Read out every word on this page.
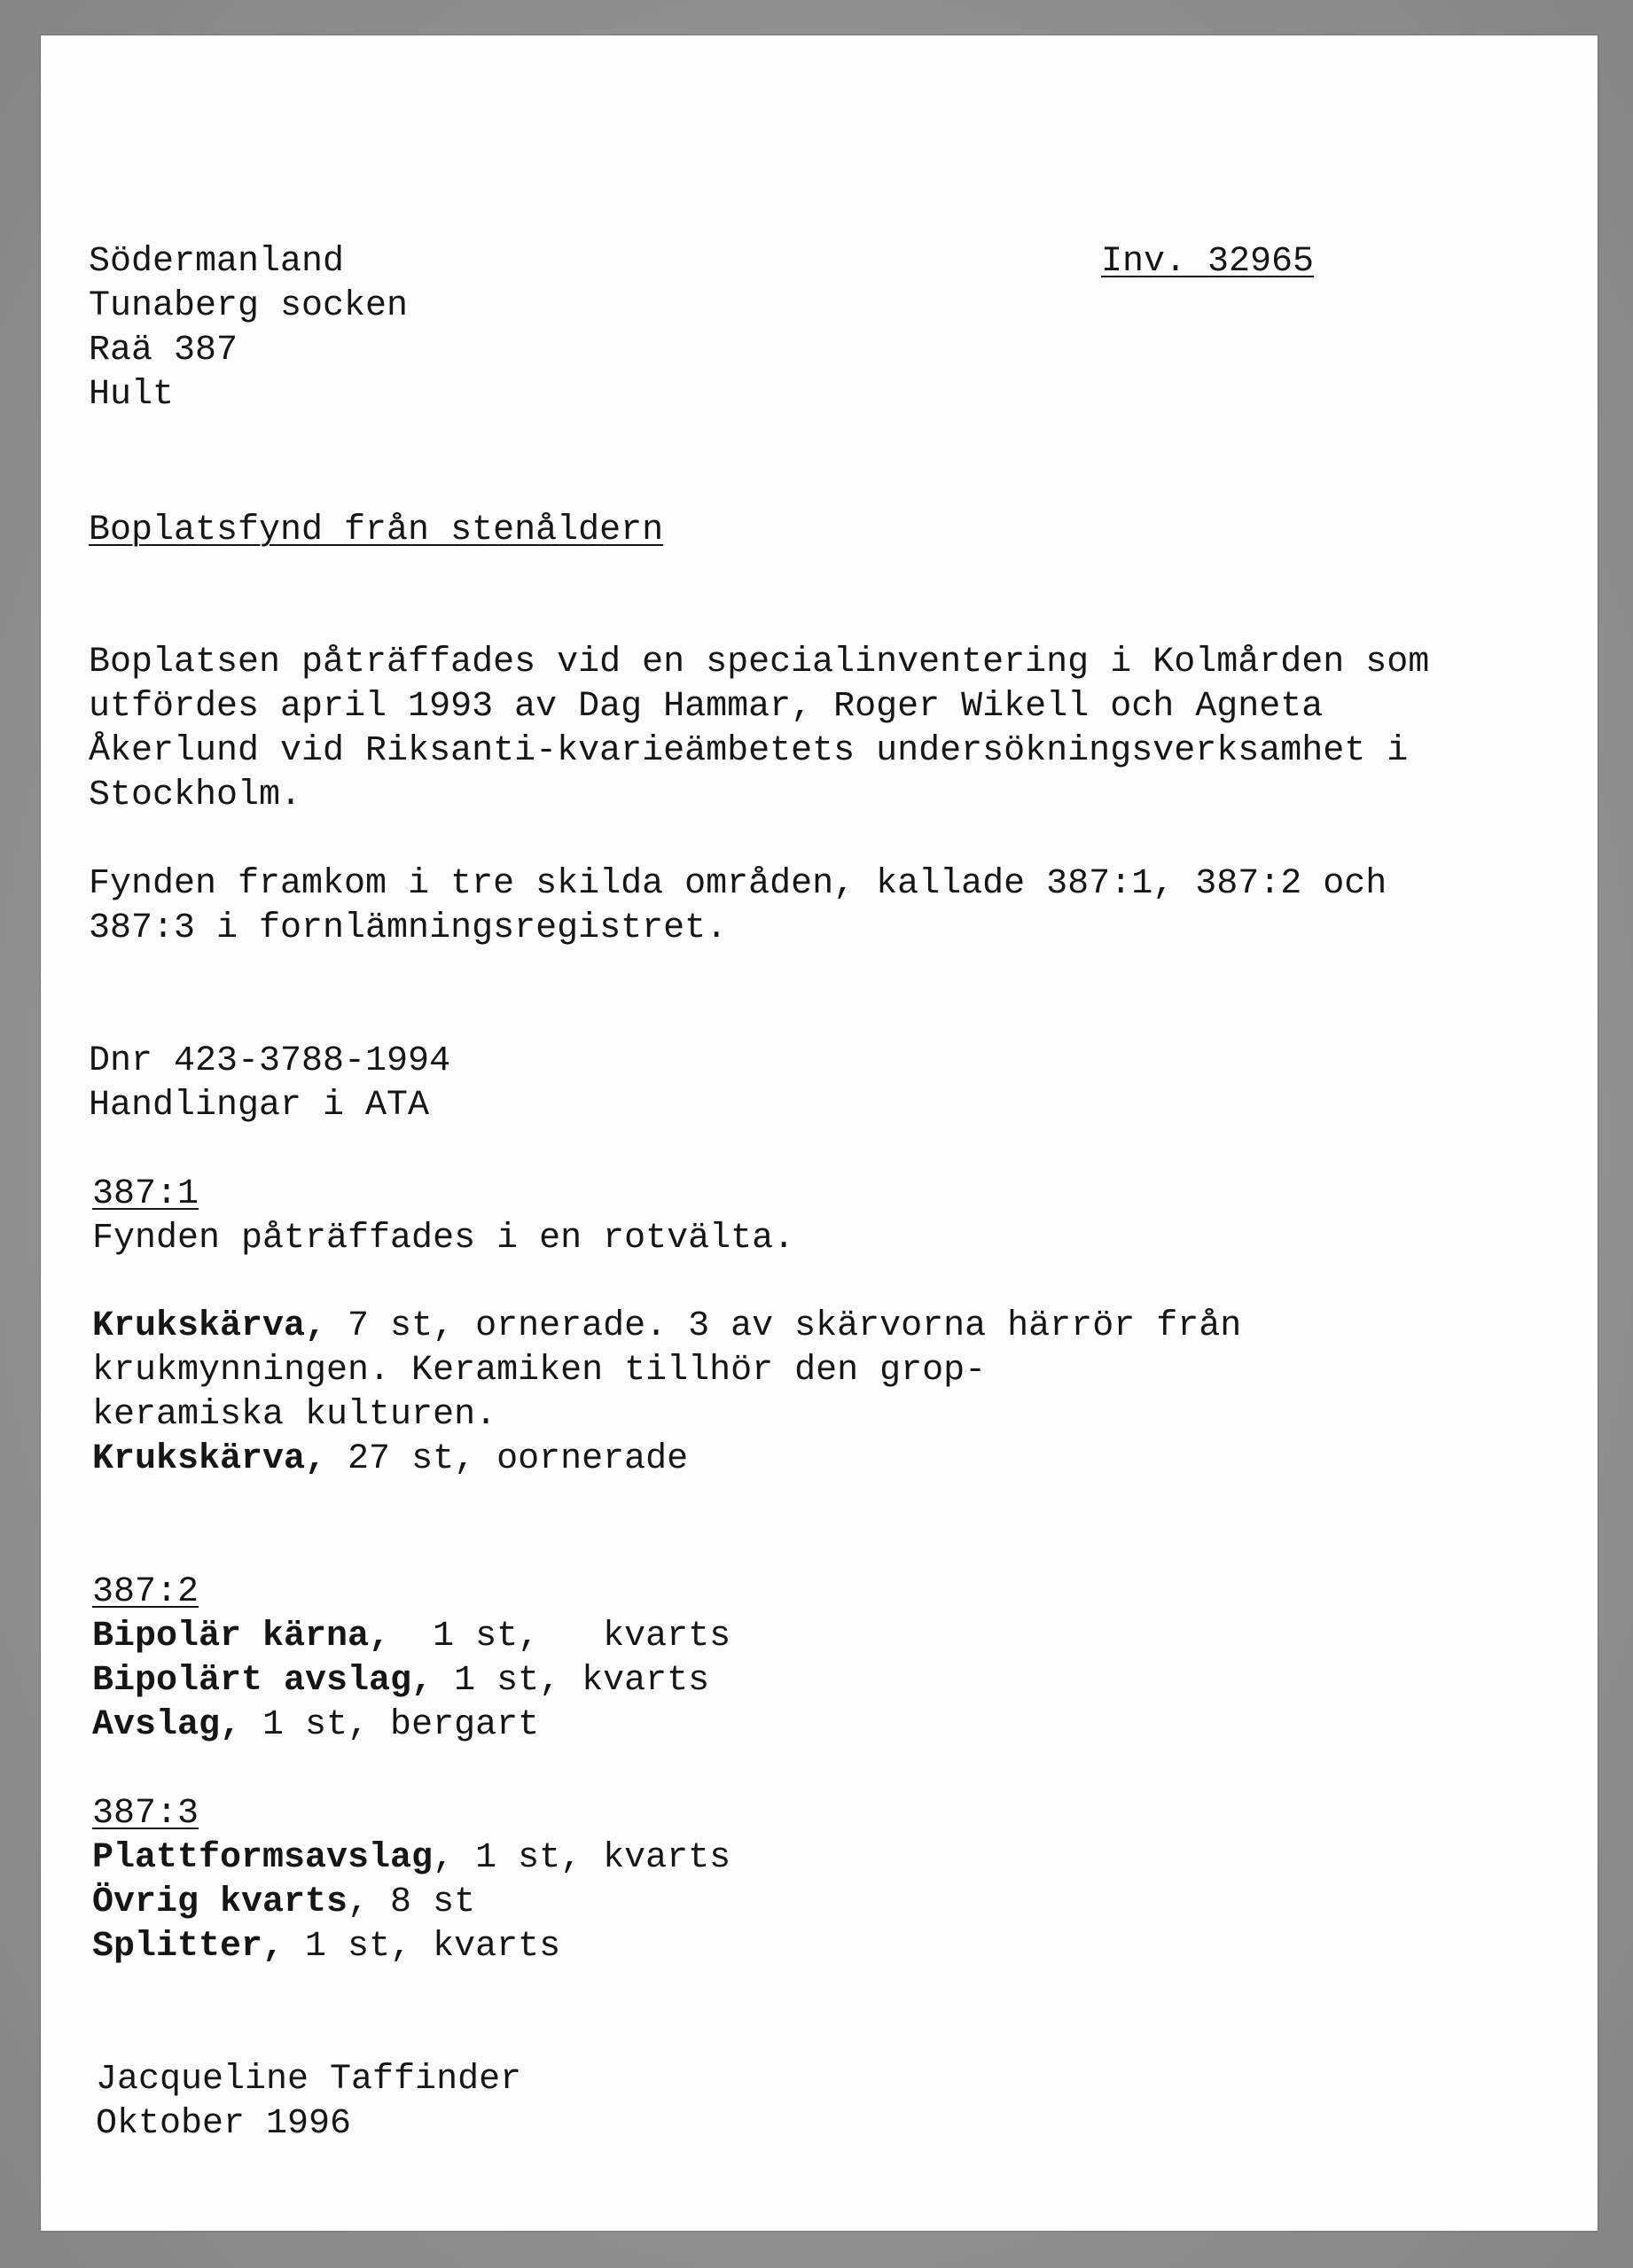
Södermanland

Tunaberg socken

Raä 387

Hult

Inv. 32965

Boplatsfynd från stenåldern

Boplatsen påträffades vid en specialinventering i Kolmården som

utfördes april 1993 av Dag Hammar, Roger Wikell och Agneta

Åkerlund vid Riksanti-kvarieämbetets undersökningsverksamhet i

Stockholm.

Fynden framkom i tre skilda områden, kallade 387:1, 387:2 och

387:3 i fornlämningsregistret.

Dnr 423-3788-1994

Handlingar i ATA

387:1

Fynden påträffades i en rotvälta.

Krukskärva, 7 st, ornerade. 3 av skärvorna härrör från

krukmynningen. Keramiken tillhör den grop-

keramiska kulturen.

Krukskärva, 27 st, oornerade

387:2

Bipolär kärna,  1 st,   kvarts

Bipolärt avslag, 1 st, kvarts

Avslag, 1 st, bergart

387:3

Plattformsavslag, 1 st, kvarts

Övrig kvarts, 8 st

Splitter, 1 st, kvarts

Jacqueline Taffinder

Oktober 1996
